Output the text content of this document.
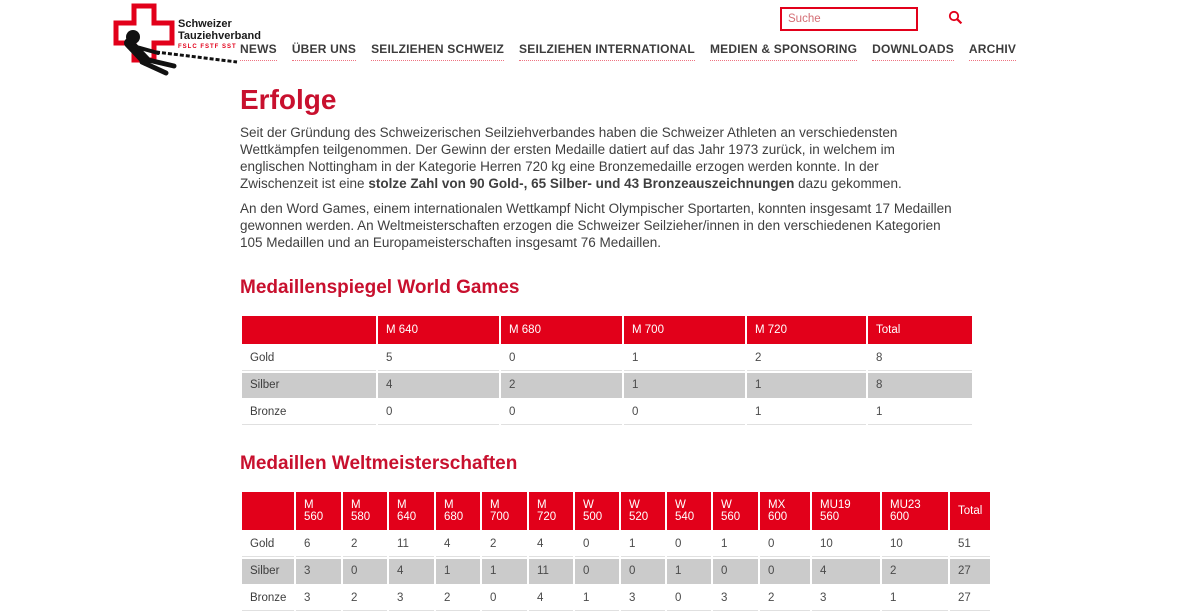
Schweizer
Tauziehverband
FSLC FSTF SST
Suche NEWS ÜBER UNS SEILZIEHEN SCHWEIZ SEILZIEHEN INTERNATIONAL MEDIEN & SPONSORING DOWNLOADS ARCHIV
Erfolge

Seit der Gründung des Schweizerischen Seilziehverbandes haben die Schweizer Athleten an verschiedensten Wettkämpfen teilgenommen. Der Gewinn der ersten Medaille datiert auf das Jahr 1973 zurück, in welchem im englischen Nottingham in der Kategorie Herren 720 kg eine Bronzemedaille erzogen werden konnte. In der Zwischenzeit ist eine stolze Zahl von 90 Gold-, 65 Silber- und 43 Bronzeauszeichnungen dazu gekommen.

An den Word Games, einem internationalen Wettkampf Nicht Olympischer Sportarten, konnten insgesamt 17 Medaillen gewonnen werden. An Weltmeisterschaften erzogen die Schweizer Seilzieher/innen in den verschiedenen Kategorien 105 Medaillen und an Europameisterschaften insgesamt 76 Medaillen.

Medaillenspiegel World Games
	M 640	M 680	M 700	M 720	Total
Gold	5	0	1	2	8
Silber	4	2	1	1	8
Bronze	0	0	0	1	1
Medaillen Weltmeisterschaften
	M 560	M 580	M 640	M 680	M 700	M 720	W 500	W 520	W 540	W 560	MX 600	MU19 560	MU23 600	Total
Gold	6	2	11	4	2	4	0	1	0	1	0	10	10	51
Silber	3	0	4	1	1	11	0	0	1	0	0	4	2	27
Bronze	3	2	3	2	0	4	1	3	0	3	2	3	1	27
